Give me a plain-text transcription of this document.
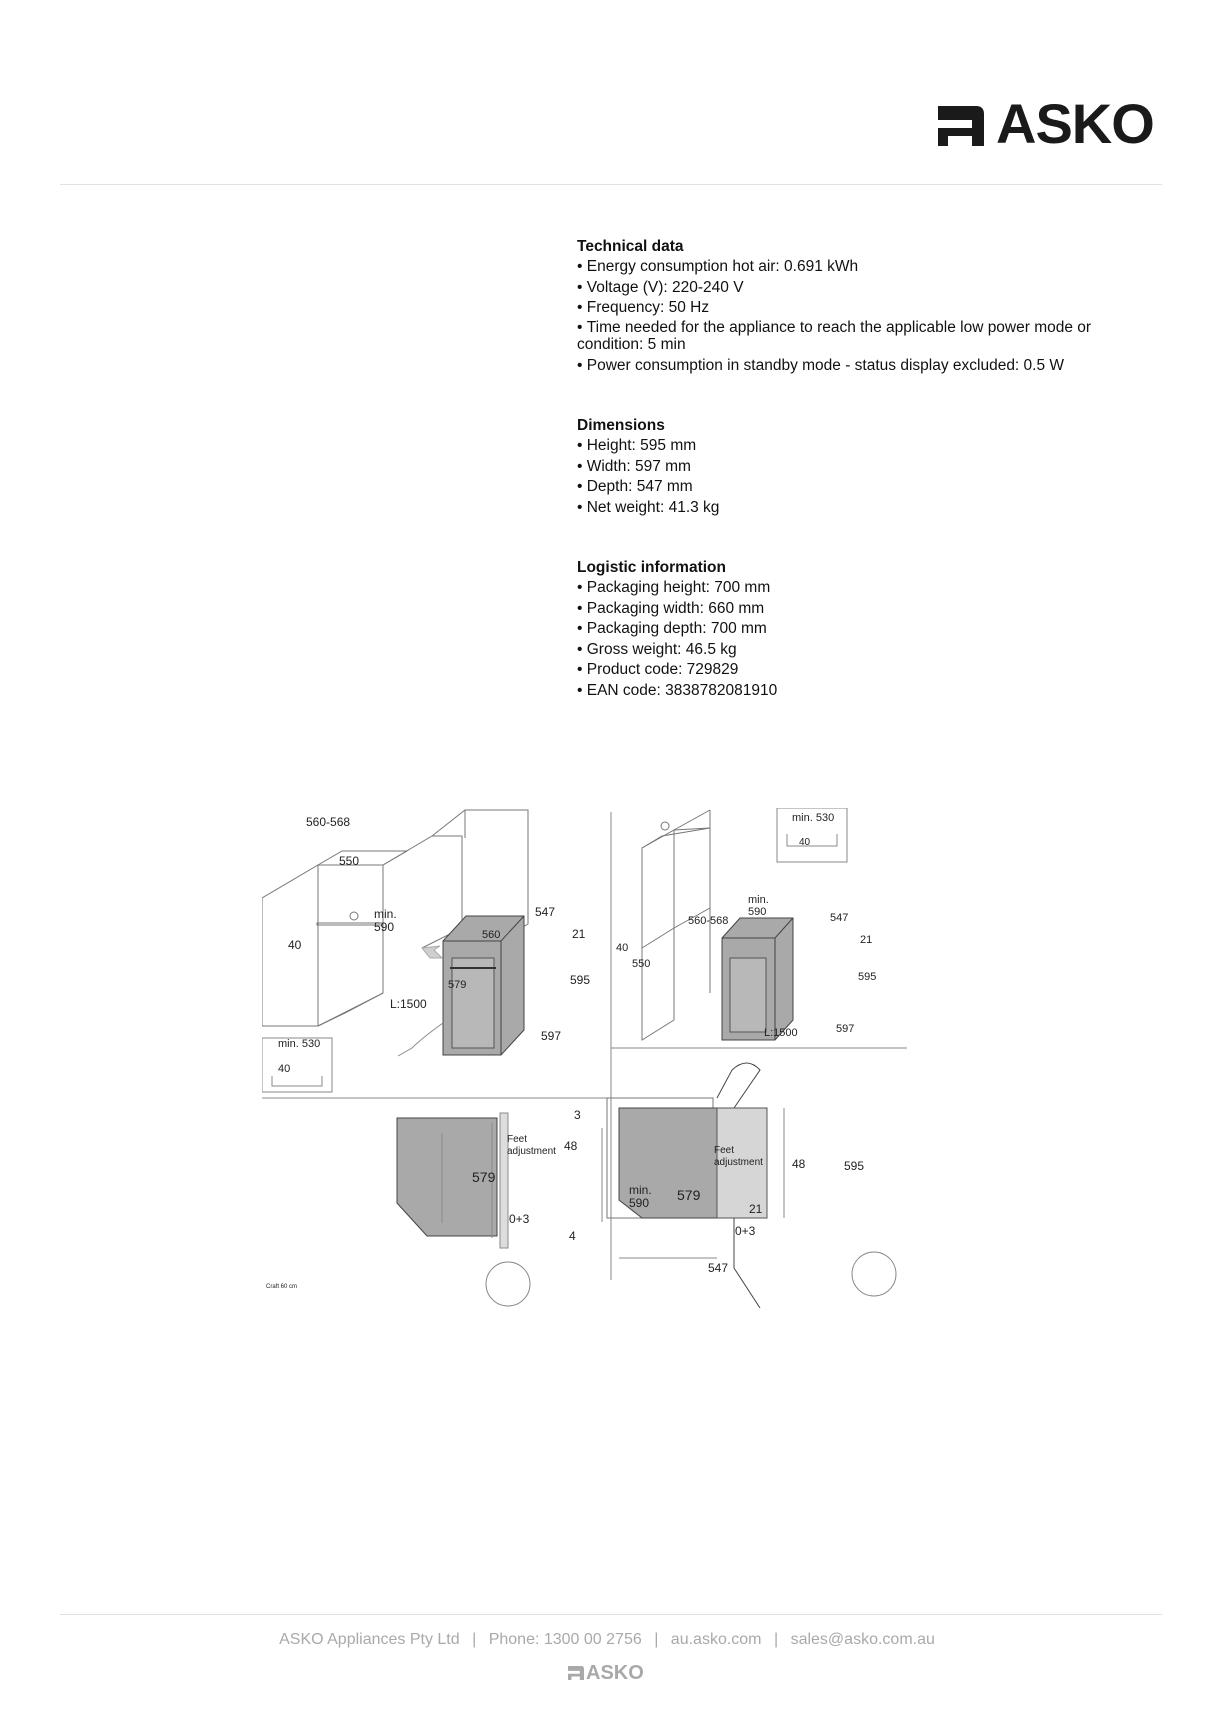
ASKO
Technical data
• Energy consumption hot air: 0.691 kWh
• Voltage (V): 220-240 V
• Frequency: 50 Hz
• Time needed for the appliance to reach the applicable low power mode or condition: 5 min
• Power consumption in standby mode - status display excluded: 0.5 W
Dimensions
• Height: 595 mm
• Width: 597 mm
• Depth: 547 mm
• Net weight: 41.3 kg
Logistic information
• Packaging height: 700 mm
• Packaging width: 660 mm
• Packaging depth: 700 mm
• Gross weight: 46.5 kg
• Product code: 729829
• EAN code: 3838782081910
560-568
550
min.
590
40
547
560	21
579	595
L:1500
597
min. 530
40
min. 530
40
min.
590
560-568	547
40
550
21
595
L:1500	597
3
Feet
adjustment 48
579
0+3
4
Craft 60 cm
Feet
adjustment 48	595
min.
590 579
21
0+3
547
ASKO Appliances Pty Ltd | Phone: 1300 00 2756 | au.asko.com | sales@asko.com.au
ASKO
